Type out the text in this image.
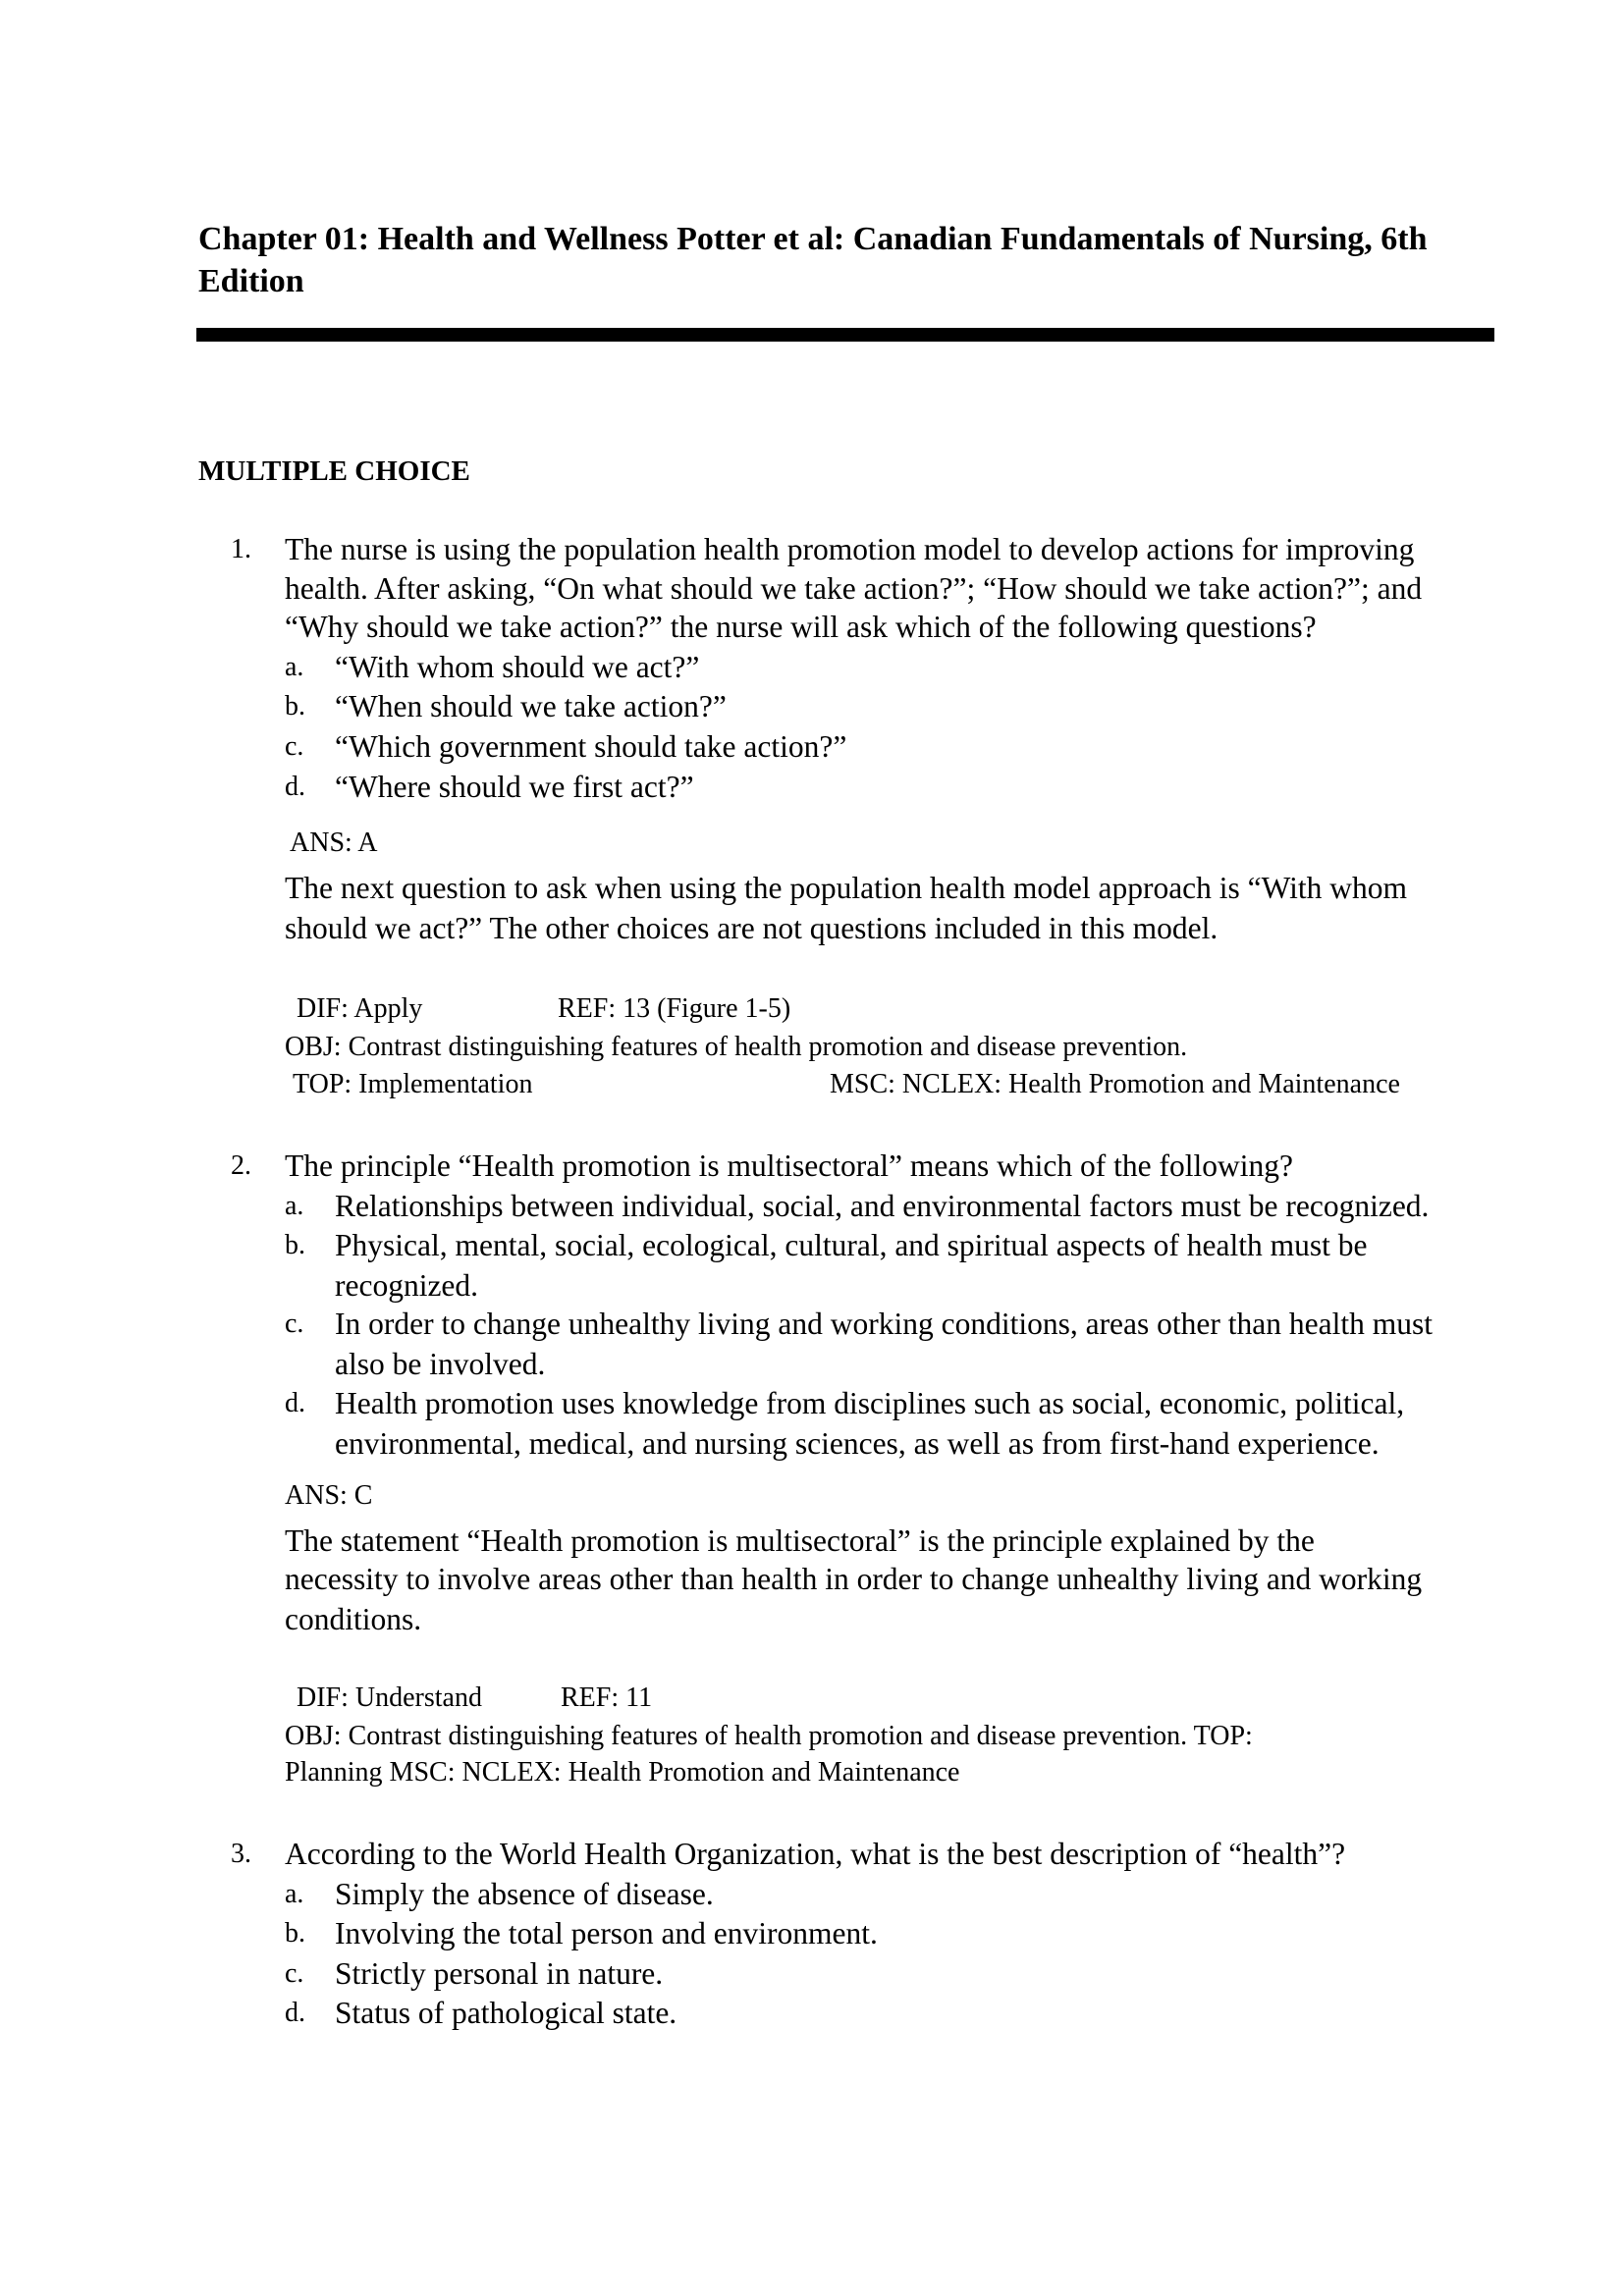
Chapter 01: Health and Wellness Potter et al: Canadian Fundamentals of Nursing, 6th
Edition
MULTIPLE CHOICE
1. The nurse is using the population health promotion model to develop actions for improving
health. After asking, “On what should we take action?”; “How should we take action?”; and
“Why should we take action?” the nurse will ask which of the following questions?
a. “With whom should we act?”
b. “When should we take action?”
c. “Which government should take action?”
d. “Where should we first act?”
ANS: A
The next question to ask when using the population health model approach is “With whom
should we act?” The other choices are not questions included in this model.
DIF: Apply	REF: 13 (Figure 1-5)
OBJ: Contrast distinguishing features of health promotion and disease prevention.
TOP: Implementation	MSC: NCLEX: Health Promotion and Maintenance
2. The principle “Health promotion is multisectoral” means which of the following?
a. Relationships between individual, social, and environmental factors must be recognized.
b. Physical, mental, social, ecological, cultural, and spiritual aspects of health must be
recognized.
c. In order to change unhealthy living and working conditions, areas other than health must
also be involved.
d. Health promotion uses knowledge from disciplines such as social, economic, political,
environmental, medical, and nursing sciences, as well as from first-hand experience.
ANS: C
The statement “Health promotion is multisectoral” is the principle explained by the
necessity to involve areas other than health in order to change unhealthy living and working
conditions.
DIF: Understand	REF: 11
OBJ: Contrast distinguishing features of health promotion and disease prevention. TOP:
Planning MSC: NCLEX: Health Promotion and Maintenance
3. According to the World Health Organization, what is the best description of “health”?
a. Simply the absence of disease.
b. Involving the total person and environment.
c. Strictly personal in nature.
d. Status of pathological state.
